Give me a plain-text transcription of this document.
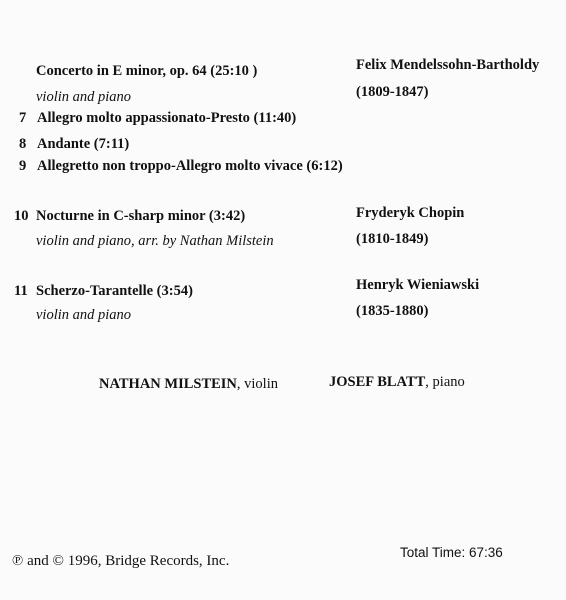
Concerto in E minor, op. 64 (25:10 )
violin and piano
Felix Mendelssohn-Bartholdy
(1809-1847)
7 Allegro molto appassionato-Presto (11:40)
8 Andante (7:11)
9 Allegretto non troppo-Allegro molto vivace (6:12)
10 Nocturne in C-sharp minor (3:42)
violin and piano, arr. by Nathan Milstein
Fryderyk Chopin
(1810-1849)
11 Scherzo-Tarantelle (3:54)
violin and piano
Henryk Wieniawski
(1835-1880)
NATHAN MILSTEIN, violin	JOSEF BLATT, piano
℗ and © 1996, Bridge Records, Inc.
Total Time: 67:36
